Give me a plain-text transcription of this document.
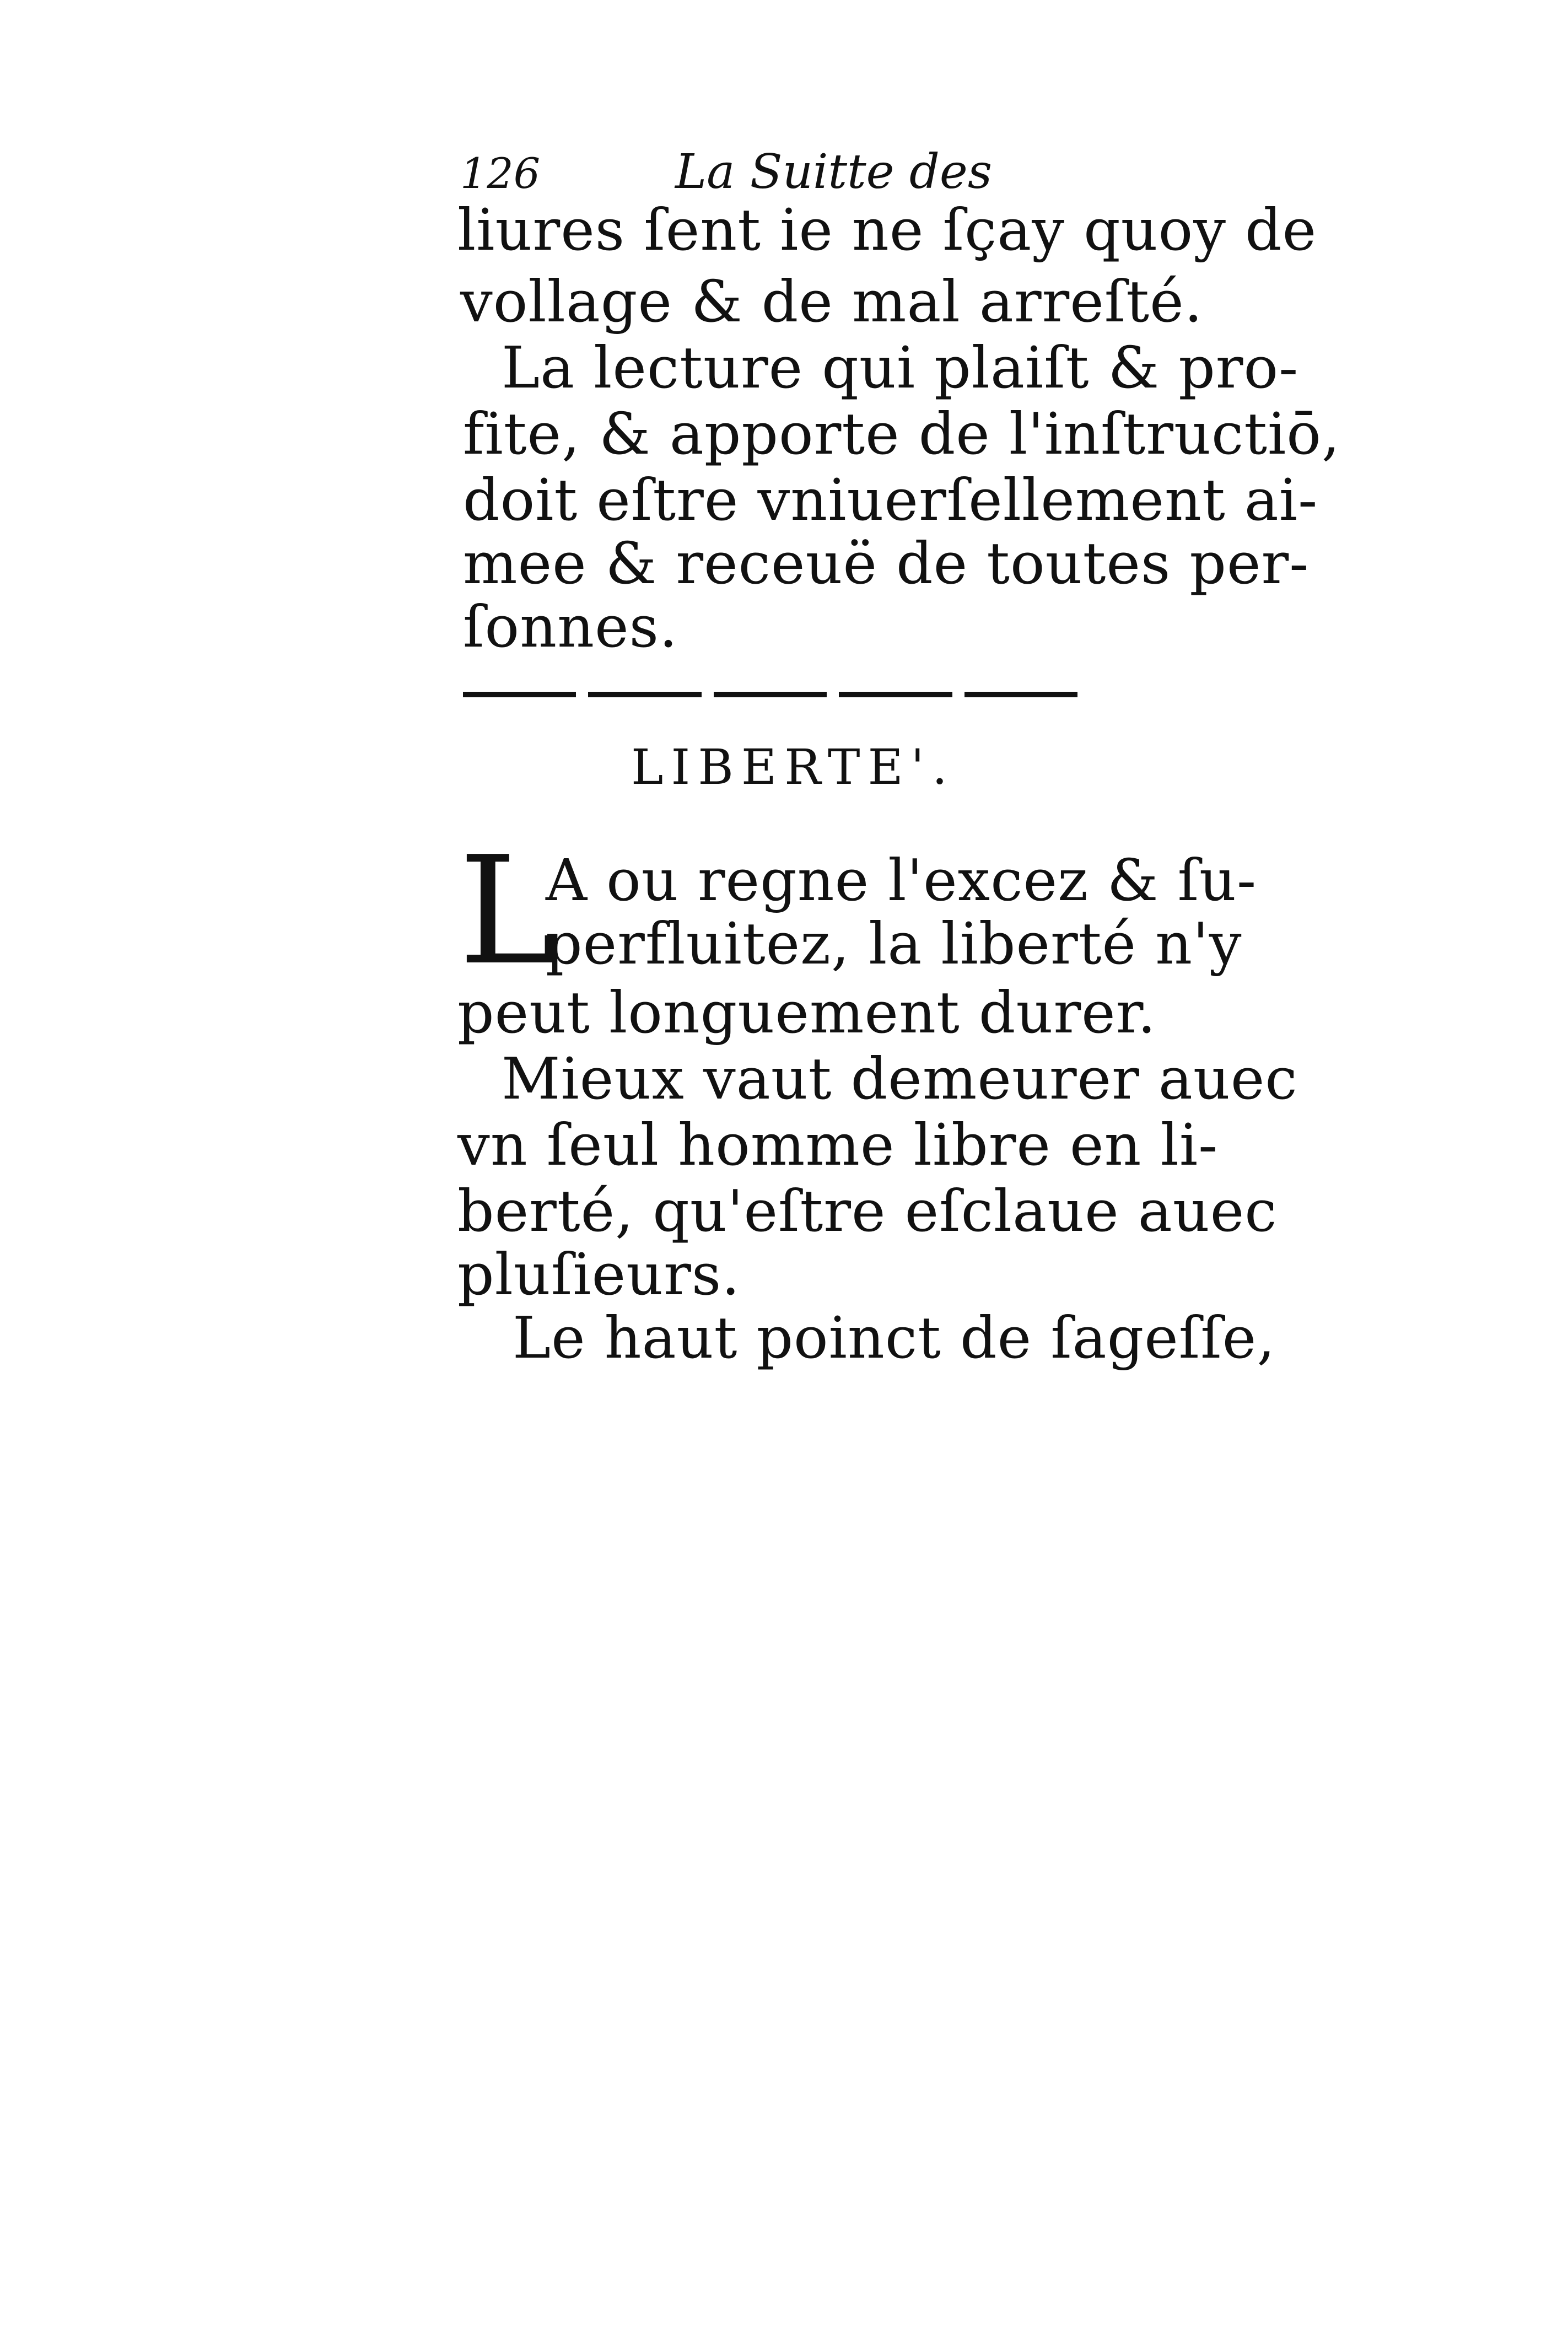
126	La Suitte des
liures ſent ie ne ſçay quoy de
vollage & de mal arreſté.
La lecture qui plaiſt & pro-
fite, & apporte de l'inſtructiō,
doit eſtre vniuerſellement ai-
mee & receuë de toutes per-
ſonnes.
LIBERTE'.
L
A ou regne l'excez & ſu-
perfluitez, la liberté n'y
peut longuement durer.
Mieux vaut demeurer auec
vn ſeul homme libre en li-
berté, qu'eſtre eſclaue auec
pluſieurs.
Le haut poinct de ſageſſe,
